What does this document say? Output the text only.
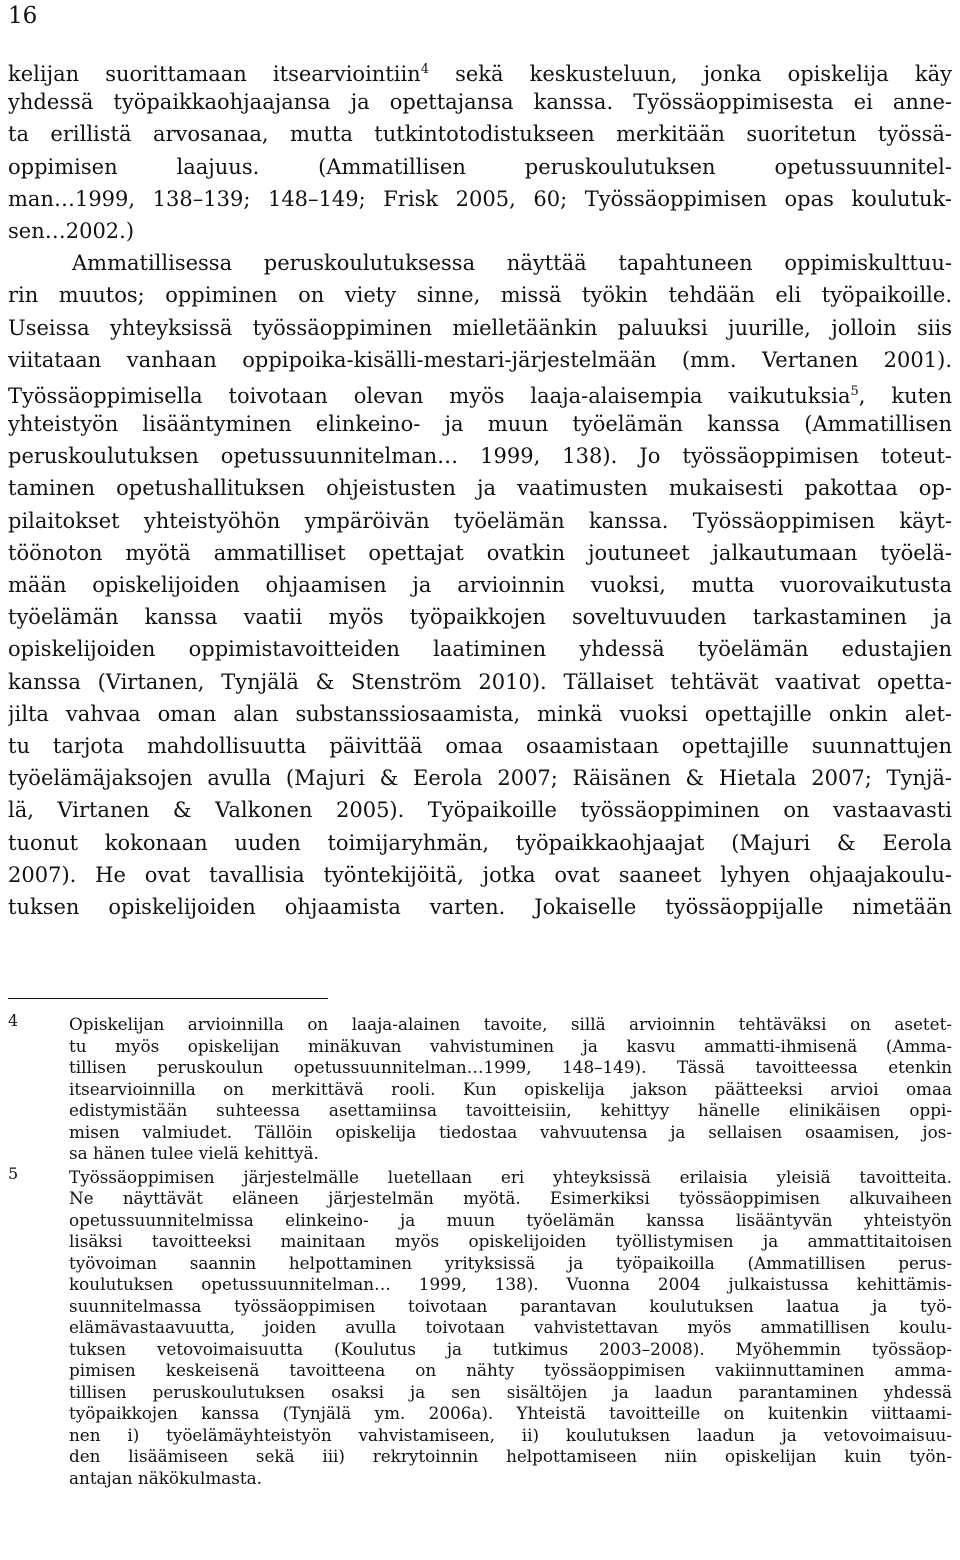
16
kelijan suorittamaan itsearviointiin$^4$ sekä keskusteluun, jonka opiskelija käy
yhdessä työpaikkaohjaajansa ja opettajansa kanssa. Työssäoppimisesta ei anne-
ta erillistä arvosanaa, mutta tutkintotodistukseen merkitään suoritetun työssä-
oppimisen laajuus. (Ammatillisen peruskoulutuksen opetussuunnitel-
man…1999, 138–139; 148–149; Frisk 2005, 60; Työssäoppimisen opas koulutuk-
sen…2002.)
Ammatillisessa peruskoulutuksessa näyttää tapahtuneen oppimiskulttuu-
rin muutos; oppiminen on viety sinne, missä työkin tehdään eli työpaikoille.
Useissa yhteyksissä työssäoppiminen mielletäänkin paluuksi juurille, jolloin siis
viitataan vanhaan oppipoika-kisälli-mestari-järjestelmään (mm. Vertanen 2001).
Työssäoppimisella toivotaan olevan myös laaja-alaisempia vaikutuksia$^5$, kuten
yhteistyön lisääntyminen elinkeino- ja muun työelämän kanssa (Ammatillisen
peruskoulutuksen opetussuunnitelman… 1999, 138). Jo työssäoppimisen toteut-
taminen opetushallituksen ohjeistusten ja vaatimusten mukaisesti pakottaa op-
pilaitokset yhteistyöhön ympäröivän työelämän kanssa. Työssäoppimisen käyt-
töönoton myötä ammatilliset opettajat ovatkin joutuneet jalkautumaan työelä-
mään opiskelijoiden ohjaamisen ja arvioinnin vuoksi, mutta vuorovaikutusta
työelämän kanssa vaatii myös työpaikkojen soveltuvuuden tarkastaminen ja
opiskelijoiden oppimistavoitteiden laatiminen yhdessä työelämän edustajien
kanssa (Virtanen, Tynjälä & Stenström 2010). Tällaiset tehtävät vaativat opetta-
jilta vahvaa oman alan substanssiosaamista, minkä vuoksi opettajille onkin alet-
tu tarjota mahdollisuutta päivittää omaa osaamistaan opettajille suunnattujen
työelämäjaksojen avulla (Majuri & Eerola 2007; Räisänen & Hietala 2007; Tynjä-
lä, Virtanen & Valkonen 2005). Työpaikoille työssäoppiminen on vastaavasti
tuonut kokonaan uuden toimijaryhmän, työpaikkaohjaajat (Majuri & Eerola
2007). He ovat tavallisia työntekijöitä, jotka ovat saaneet lyhyen ohjaajakoulu-
tuksen opiskelijoiden ohjaamista varten. Jokaiselle työssäoppijalle nimetään
4	Opiskelijan arvioinnilla on laaja-alainen tavoite, sillä arvioinnin tehtäväksi on asetet-
tu myös opiskelijan minäkuvan vahvistuminen ja kasvu ammatti-ihmisenä (Amma-
tillisen peruskoulun opetussuunnitelman…1999, 148–149). Tässä tavoitteessa etenkin
itsearvioinnilla on merkittävä rooli. Kun opiskelija jakson päätteeksi arvioi omaa
edistymistään suhteessa asettamiinsa tavoitteisiin, kehittyy hänelle elinikäisen oppi-
misen valmiudet. Tällöin opiskelija tiedostaa vahvuutensa ja sellaisen osaamisen, jos-
sa hänen tulee vielä kehittyä.
5	Työssäoppimisen järjestelmälle luetellaan eri yhteyksissä erilaisia yleisiä tavoitteita.
Ne näyttävät eläneen järjestelmän myötä. Esimerkiksi työssäoppimisen alkuvaiheen
opetussuunnitelmissa elinkeino- ja muun työelämän kanssa lisääntyvän yhteistyön
lisäksi tavoitteeksi mainitaan myös opiskelijoiden työllistymisen ja ammattitaitoisen
työvoiman saannin helpottaminen yrityksissä ja työpaikoilla (Ammatillisen perus-
koulutuksen opetussuunnitelman… 1999, 138). Vuonna 2004 julkaistussa kehittämis-
suunnitelmassa työssäoppimisen toivotaan parantavan koulutuksen laatua ja työ-
elämävastaavuutta, joiden avulla toivotaan vahvistettavan myös ammatillisen koulu-
tuksen vetovoimaisuutta (Koulutus ja tutkimus 2003–2008). Myöhemmin työssäop-
pimisen keskeisenä tavoitteena on nähty työssäoppimisen vakiinnuttaminen amma-
tillisen peruskoulutuksen osaksi ja sen sisältöjen ja laadun parantaminen yhdessä
työpaikkojen kanssa (Tynjälä ym. 2006a). Yhteistä tavoitteille on kuitenkin viittaami-
nen i) työelämäyhteistyön vahvistamiseen, ii) koulutuksen laadun ja vetovoimaisuu-
den lisäämiseen sekä iii) rekrytoinnin helpottamiseen niin opiskelijan kuin työn-
antajan näkökulmasta.
